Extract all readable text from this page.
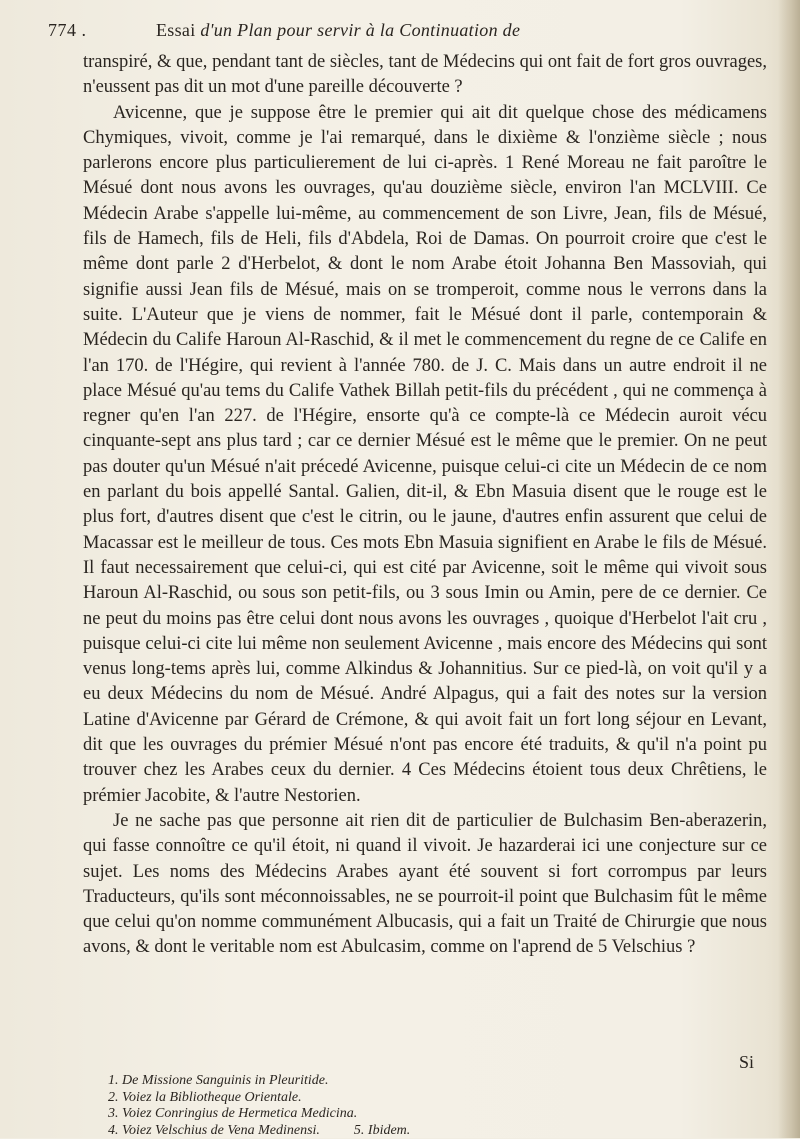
774 .	Essai d'un Plan pour servir à la Continuation de

transpiré, & que, pendant tant de siècles, tant de Médecins qui ont fait de fort gros ouvrages, n'eussent pas dit un mot d'une pareille découverte ?

Avicenne, que je suppose être le premier qui ait dit quelque chose des médicamens Chymiques, vivoit, comme je l'ai remarqué, dans le dixième & l'onzième siècle ; nous parlerons encore plus particulierement de lui ci-après. 1 René Moreau ne fait paroître le Mésué dont nous avons les ouvrages, qu'au douzième siècle, environ l'an MCLVIII. Ce Médecin Arabe s'appelle lui-même, au commencement de son Livre, Jean, fils de Mésué, fils de Hamech, fils de Heli, fils d'Abdela, Roi de Damas. On pourroit croire que c'est le même dont parle 2 d'Herbelot, & dont le nom Arabe étoit Johanna Ben Massoviah, qui signifie aussi Jean fils de Mésué, mais on se tromperoit, comme nous le verrons dans la suite. L'Auteur que je viens de nommer, fait le Mésué dont il parle, contemporain & Médecin du Calife Haroun Al-Raschid, & il met le commencement du regne de ce Calife en l'an 170. de l'Hégire, qui revient à l'année 780. de J. C. Mais dans un autre endroit il ne place Mésué qu'au tems du Calife Vathek Billah petit-fils du précédent , qui ne commença à regner qu'en l'an 227. de l'Hégire, ensorte qu'à ce compte-là ce Médecin auroit vécu cinquante-sept ans plus tard ; car ce dernier Mésué est le même que le premier. On ne peut pas douter qu'un Mésué n'ait précedé Avicenne, puisque celui-ci cite un Médecin de ce nom en parlant du bois appellé Santal. Galien, dit-il, & Ebn Masuia disent que le rouge est le plus fort, d'autres disent que c'est le citrin, ou le jaune, d'autres enfin assurent que celui de Macassar est le meilleur de tous. Ces mots Ebn Masuia signifient en Arabe le fils de Mésué. Il faut necessairement que celui-ci, qui est cité par Avicenne, soit le même qui vivoit sous Haroun Al-Raschid, ou sous son petit-fils, ou 3 sous Imin ou Amin, pere de ce dernier. Ce ne peut du moins pas être celui dont nous avons les ouvrages , quoique d'Herbelot l'ait cru , puisque celui-ci cite lui même non seulement Avicenne , mais encore des Médecins qui sont venus long-tems après lui, comme Alkindus & Johannitius. Sur ce pied-là, on voit qu'il y a eu deux Médecins du nom de Mésué. André Alpagus, qui a fait des notes sur la version Latine d'Avicenne par Gérard de Crémone, & qui avoit fait un fort long séjour en Levant, dit que les ouvrages du prémier Mésué n'ont pas encore été traduits, & qu'il n'a point pu trouver chez les Arabes ceux du dernier. 4 Ces Médecins étoient tous deux Chrêtiens, le prémier Jacobite, & l'autre Nestorien.

Je ne sache pas que personne ait rien dit de particulier de Bulchasim Ben-aberazerin, qui fasse connoître ce qu'il étoit, ni quand il vivoit. Je hazarderai ici une conjecture sur ce sujet. Les noms des Médecins Arabes ayant été souvent si fort corrompus par leurs Traducteurs, qu'ils sont méconnoissables, ne se pourroit-il point que Bulchasim fût le même que celui qu'on nomme communément Albucasis, qui a fait un Traité de Chirurgie que nous avons, & dont le veritable nom est Abulcasim, comme on l'aprend de 5 Velschius ?

Si
1. De Missione Sanguinis in Pleuritide.
2. Voiez la Bibliotheque Orientale.
3. Voiez Conringius de Hermetica Medicina.
4. Voiez Velschius de Vena Medinensi. 5. Ibidem.
